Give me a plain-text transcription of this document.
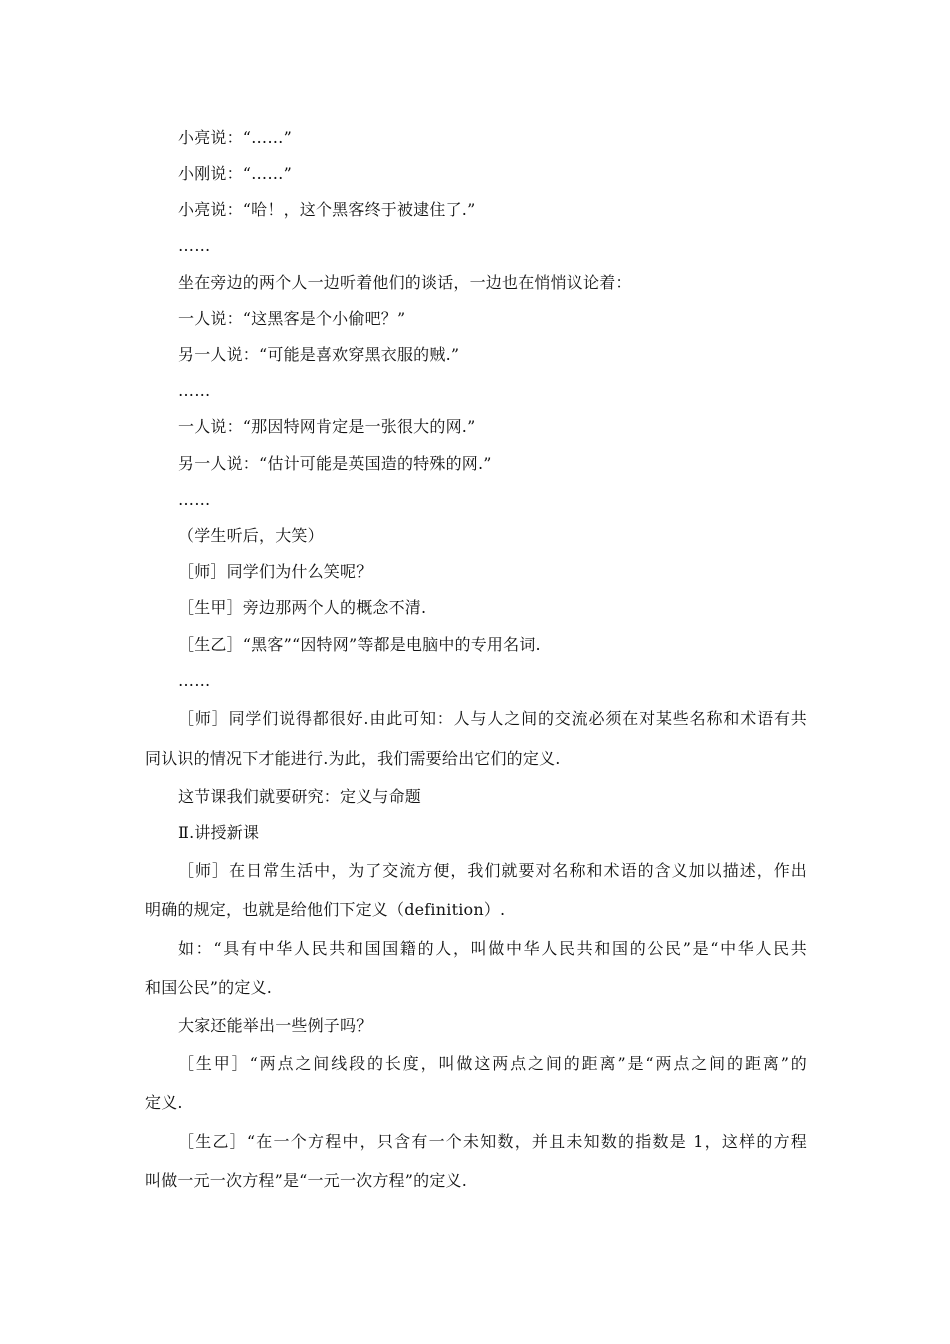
小亮说：“……”
小刚说：“……”
小亮说：“哈！，这个黑客终于被逮住了.”
……
坐在旁边的两个人一边听着他们的谈话，一边也在悄悄议论着：
一人说：“这黑客是个小偷吧？”
另一人说：“可能是喜欢穿黑衣服的贼.”
……
一人说：“那因特网肯定是一张很大的网.”
另一人说：“估计可能是英国造的特殊的网.”
……
（学生听后，大笑）
［师］同学们为什么笑呢？
［生甲］旁边那两个人的概念不清.
［生乙］“黑客”“因特网”等都是电脑中的专用名词.
……
［师］同学们说得都很好.由此可知：人与人之间的交流必须在对某些名称和术语有共
同认识的情况下才能进行.为此，我们需要给出它们的定义.
这节课我们就要研究：定义与命题
Ⅱ.讲授新课
［师］在日常生活中，为了交流方便，我们就要对名称和术语的含义加以描述，作出
明确的规定，也就是给他们下定义（definition）.
如：“具有中华人民共和国国籍的人，叫做中华人民共和国的公民”是“中华人民共
和国公民”的定义.
大家还能举出一些例子吗？
［生甲］“两点之间线段的长度，叫做这两点之间的距离”是“两点之间的距离”的
定义.
［生乙］“在一个方程中，只含有一个未知数，并且未知数的指数是 1，这样的方程
叫做一元一次方程”是“一元一次方程”的定义.
